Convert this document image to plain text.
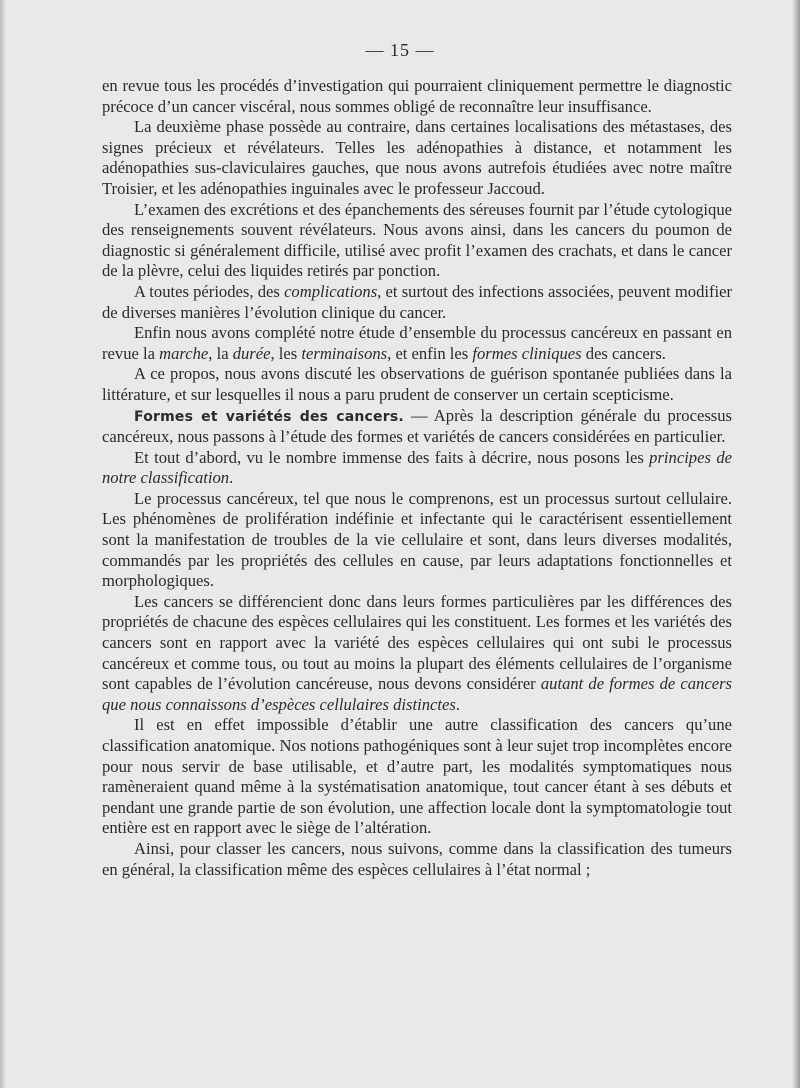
— 15 —

en revue tous les procédés d’investigation qui pourraient cliniquement permettre le diagnostic précoce d’un cancer viscéral, nous sommes obligé de reconnaître leur insuffisance.

La deuxième phase possède au contraire, dans certaines localisations des métastases, des signes précieux et révélateurs. Telles les adénopathies à distance, et notamment les adénopathies sus-claviculaires gauches, que nous avons autrefois étudiées avec notre maître Troisier, et les adénopathies inguinales avec le professeur Jaccoud.

L’examen des excrétions et des épanchements des séreuses fournit par l’étude cytologique des renseignements souvent révélateurs. Nous avons ainsi, dans les cancers du poumon de diagnostic si généralement difficile, utilisé avec profit l’examen des crachats, et dans le cancer de la plèvre, celui des liquides retirés par ponction.

A toutes périodes, des complications, et surtout des infections associées, peuvent modifier de diverses manières l’évolution clinique du cancer.

Enfin nous avons complété notre étude d’ensemble du processus cancéreux en passant en revue la marche, la durée, les terminaisons, et enfin les formes cliniques des cancers.

A ce propos, nous avons discuté les observations de guérison spontanée publiées dans la littérature, et sur lesquelles il nous a paru prudent de conserver un certain scepticisme.

Formes et variétés des cancers. — Après la description générale du processus cancéreux, nous passons à l’étude des formes et variétés de cancers considérées en particulier.

Et tout d’abord, vu le nombre immense des faits à décrire, nous posons les principes de notre classification.

Le processus cancéreux, tel que nous le comprenons, est un processus surtout cellulaire. Les phénomènes de prolifération indéfinie et infectante qui le caractérisent essentiellement sont la manifestation de troubles de la vie cellulaire et sont, dans leurs diverses modalités, commandés par les propriétés des cellules en cause, par leurs adaptations fonctionnelles et morphologiques.

Les cancers se différencient donc dans leurs formes particulières par les différences des propriétés de chacune des espèces cellulaires qui les constituent. Les formes et les variétés des cancers sont en rapport avec la variété des espèces cellulaires qui ont subi le processus cancéreux et comme tous, ou tout au moins la plupart des éléments cellulaires de l’organisme sont capables de l’évolution cancéreuse, nous devons considérer autant de formes de cancers que nous connaissons d’espèces cellulaires distinctes.

Il est en effet impossible d’établir une autre classification des cancers qu’une classification anatomique. Nos notions pathogéniques sont à leur sujet trop incomplètes encore pour nous servir de base utilisable, et d’autre part, les modalités symptomatiques nous ramèneraient quand même à la systématisation anatomique, tout cancer étant à ses débuts et pendant une grande partie de son évolution, une affection locale dont la symptomatologie tout entière est en rapport avec le siège de l’altération.

Ainsi, pour classer les cancers, nous suivons, comme dans la classification des tumeurs en général, la classification même des espèces cellulaires à l’état normal ;
